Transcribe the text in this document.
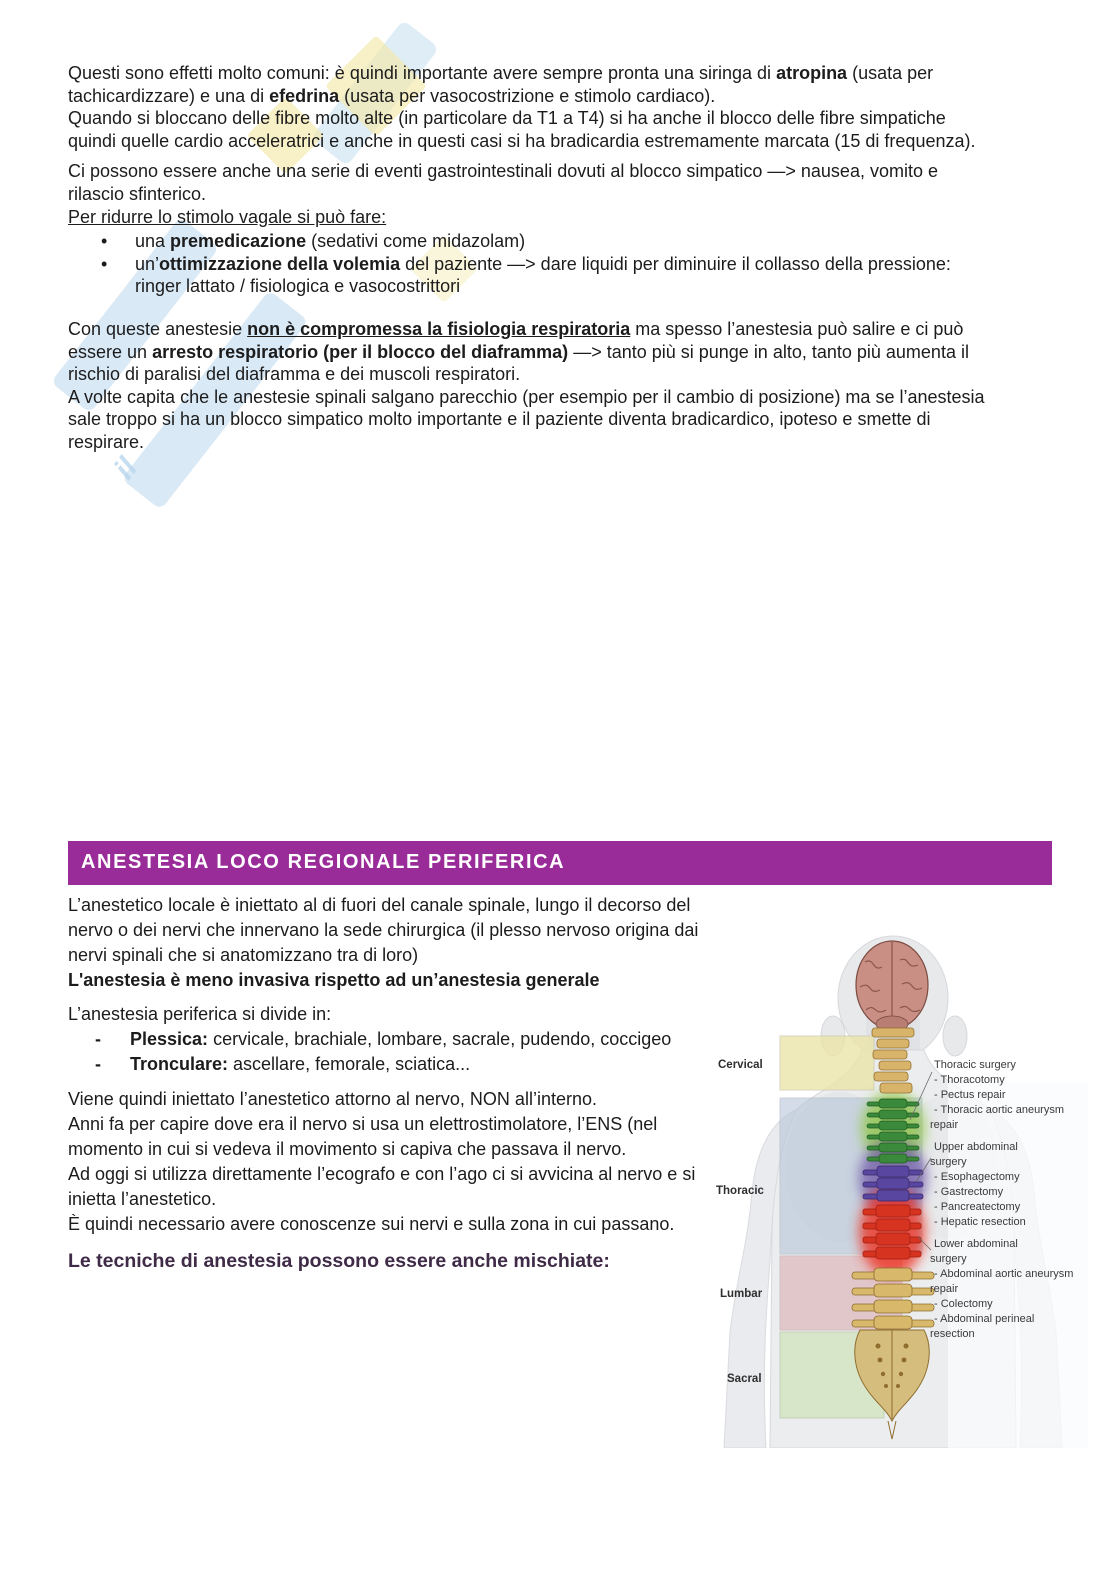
il

Questi sono effetti molto comuni: è quindi importante avere sempre pronta una siringa di atropina (usata per tachicardizzare) e una di efedrina (usata per vasocostrizione e stimolo cardiaco).

Quando si bloccano delle fibre molto alte (in particolare da T1 a T4) si ha anche il blocco delle fibre simpatiche quindi quelle cardio acceleratrici e anche in questi casi si ha bradicardia estremamente marcata (15 di frequenza).

Ci possono essere anche una serie di eventi gastrointestinali dovuti al blocco simpatico —> nausea, vomito e rilascio sfinterico.

Per ridurre lo stimolo vagale si può fare:

•	una premedicazione (sedativi come midazolam)
•	un’ottimizzazione della volemia del paziente —> dare liquidi per diminuire il collasso della pressione: ringer lattato / fisiologica e vasocostrittori

Con queste anestesie non è compromessa la fisiologia respiratoria ma spesso l’anestesia può salire e ci può essere un arresto respiratorio (per il blocco del diaframma) —> tanto più si punge in alto, tanto più aumenta il rischio di paralisi del diaframma e dei muscoli respiratori.

A volte capita che le anestesie spinali salgano parecchio (per esempio per il cambio di posizione) ma se l’anestesia sale troppo si ha un blocco simpatico molto importante e il paziente diventa bradicardico, ipoteso e smette di respirare.

ANESTESIA LOCO REGIONALE PERIFERICA

L’anestetico locale è iniettato al di fuori del canale spinale, lungo il decorso del nervo o dei nervi che innervano la sede chirurgica (il plesso nervoso origina dai nervi spinali che si anatomizzano tra di loro)

L'anestesia è meno invasiva rispetto ad un’anestesia generale

L’anestesia periferica si divide in:

-	Plessica: cervicale, brachiale, lombare, sacrale, pudendo, coccigeo
-	Tronculare: ascellare, femorale, sciatica...

Viene quindi iniettato l’anestetico attorno al nervo, NON all’interno.

Anni fa per capire dove era il nervo si usa un elettrostimolatore, l’ENS (nel momento in cui si vedeva il movimento si capiva che passava il nervo.

Ad oggi si utilizza direttamente l’ecografo e con l’ago ci si avvicina al nervo e si inietta l’anestetico.

È quindi necessario avere conoscenze sui nervi e sulla zona in cui passano.

Le tecniche di anestesia possono essere anche mischiate:
Cervical
Thoracic
Lumbar
Sacral
Thoracic surgery
- Thoracotomy
- Pectus repair
- Thoracic aortic aneurysm
repair
Upper abdominal
surgery
- Esophagectomy
- Gastrectomy
- Pancreatectomy
- Hepatic resection
Lower abdominal
surgery
- Abdominal aortic aneurysm
repair
- Colectomy
- Abdominal perineal
resection
